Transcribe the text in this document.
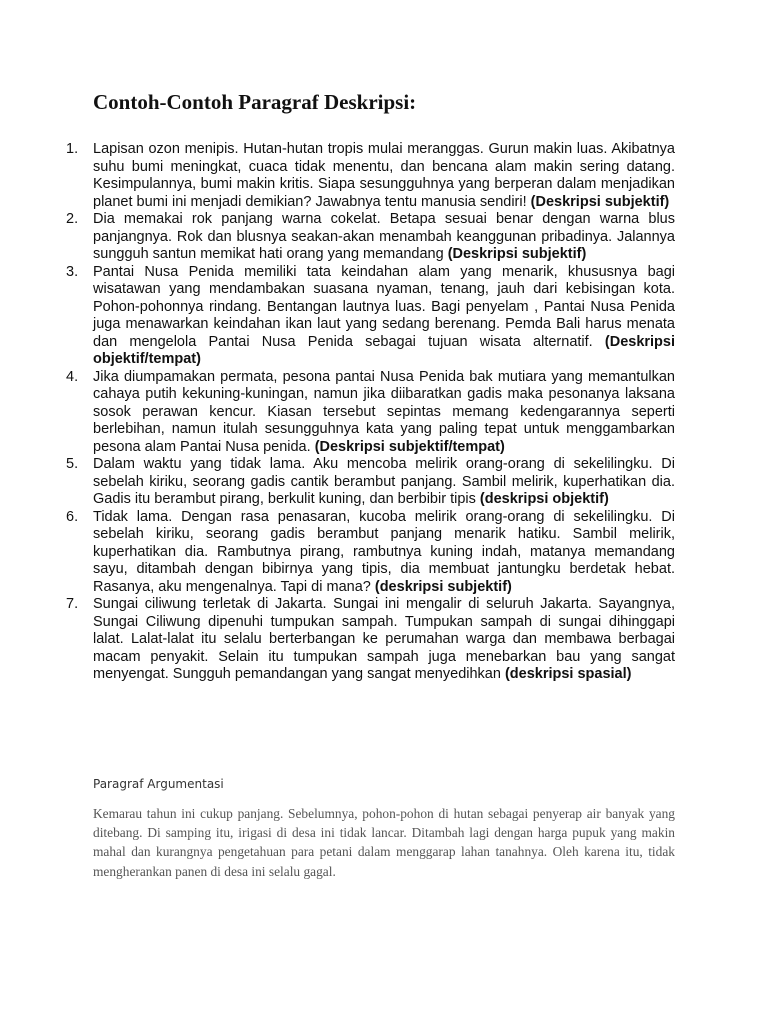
Contoh-Contoh Paragraf Deskripsi:
1. Lapisan ozon menipis. Hutan-hutan tropis mulai meranggas. Gurun makin luas. Akibatnya suhu bumi meningkat, cuaca tidak menentu, dan bencana alam makin sering datang. Kesimpulannya, bumi makin kritis. Siapa sesungguhnya yang berperan dalam menjadikan planet bumi ini menjadi demikian? Jawabnya tentu manusia sendiri! (Deskripsi subjektif)
2. Dia memakai rok panjang warna cokelat. Betapa sesuai benar dengan warna blus panjangnya. Rok dan blusnya seakan-akan menambah keanggunan pribadinya. Jalannya sungguh santun memikat hati orang yang memandang (Deskripsi subjektif)
3. Pantai Nusa Penida memiliki tata keindahan alam yang menarik, khususnya bagi wisatawan yang mendambakan suasana nyaman, tenang, jauh dari kebisingan kota. Pohon-pohonnya rindang. Bentangan lautnya luas. Bagi penyelam , Pantai Nusa Penida juga menawarkan keindahan ikan laut yang sedang berenang. Pemda Bali harus menata dan mengelola Pantai Nusa Penida sebagai tujuan wisata alternatif. (Deskripsi objektif/tempat)
4. Jika diumpamakan permata, pesona pantai Nusa Penida bak mutiara yang memantulkan cahaya putih kekuning-kuningan, namun jika diibaratkan gadis maka pesonanya laksana sosok perawan kencur. Kiasan tersebut sepintas memang kedengarannya seperti berlebihan, namun itulah sesungguhnya kata yang paling tepat untuk menggambarkan pesona alam Pantai Nusa penida. (Deskripsi subjektif/tempat)
5. Dalam waktu yang tidak lama. Aku mencoba melirik orang-orang di sekelilingku. Di sebelah kiriku, seorang gadis cantik berambut panjang. Sambil melirik, kuperhatikan dia. Gadis itu berambut pirang, berkulit kuning, dan berbibir tipis (deskripsi objektif)
6. Tidak lama. Dengan rasa penasaran, kucoba melirik orang-orang di sekelilingku. Di sebelah kiriku, seorang gadis berambut panjang menarik hatiku. Sambil melirik, kuperhatikan dia. Rambutnya pirang, rambutnya kuning indah, matanya memandang sayu, ditambah dengan bibirnya yang tipis, dia membuat jantungku berdetak hebat. Rasanya, aku mengenalnya. Tapi di mana? (deskripsi subjektif)
7. Sungai ciliwung terletak di Jakarta. Sungai ini mengalir di seluruh Jakarta. Sayangnya, Sungai Ciliwung dipenuhi tumpukan sampah. Tumpukan sampah di sungai dihinggapi lalat. Lalat-lalat itu selalu berterbangan ke perumahan warga dan membawa berbagai macam penyakit. Selain itu tumpukan sampah juga menebarkan bau yang sangat menyengat. Sungguh pemandangan yang sangat menyedihkan (deskripsi spasial)

Paragraf Argumentasi

Kemarau tahun ini cukup panjang. Sebelumnya, pohon-pohon di hutan sebagai penyerap air banyak yang ditebang. Di samping itu, irigasi di desa ini tidak lancar. Ditambah lagi dengan harga pupuk yang makin mahal dan kurangnya pengetahuan para petani dalam menggarap lahan tanahnya. Oleh karena itu, tidak mengherankan panen di desa ini selalu gagal.
